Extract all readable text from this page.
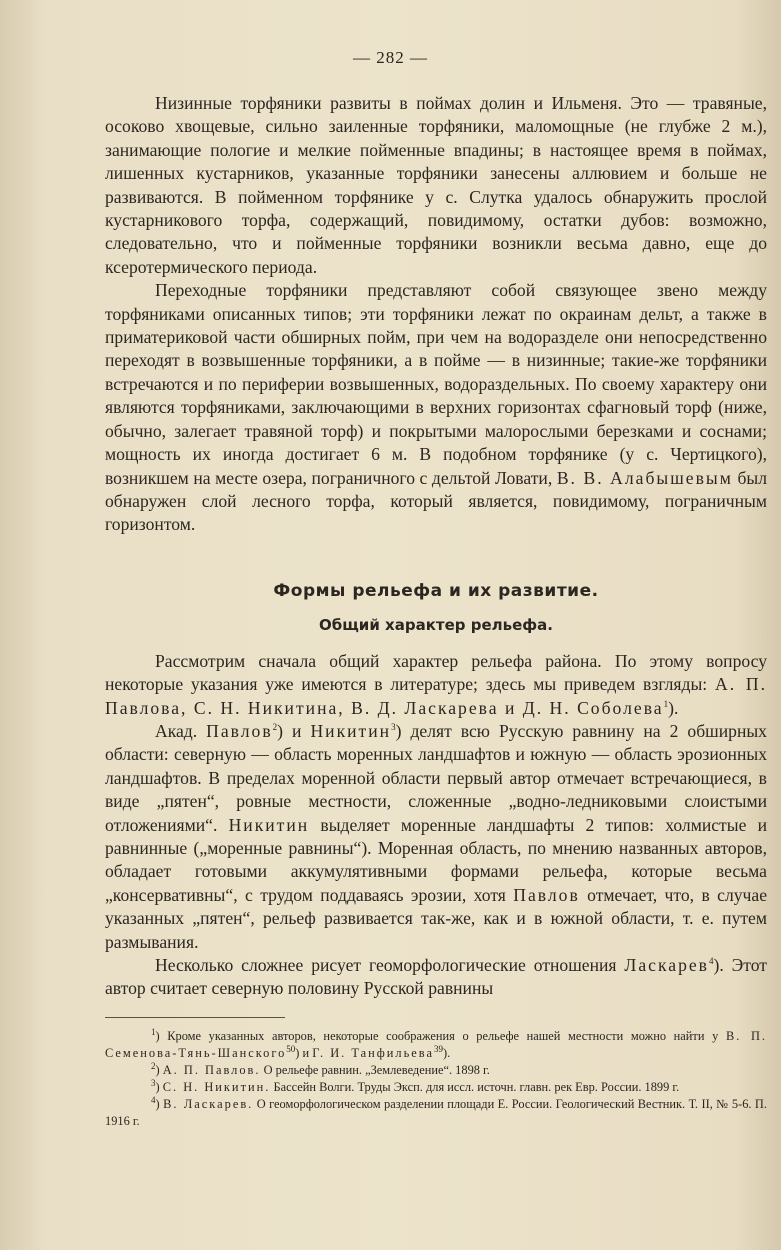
— 282 —

Низинные торфяники развиты в поймах долин и Ильменя. Это — травяные, осоково хвощевые, сильно заиленные торфяники, маломощные (не глубже 2 м.), занимающие пологие и мелкие пойменные впадины; в настоящее время в поймах, лишенных кустарников, указанные торфяники занесены аллювием и больше не развиваются. В пойменном торфянике у с. Слутка удалось обнаружить прослой кустарникового торфа, содержащий, повидимому, остатки дубов: возможно, следовательно, что и пойменные торфяники возникли весьма давно, еще до ксеротермического периода.

Переходные торфяники представляют собой связующее звено между торфяниками описанных типов; эти торфяники лежат по окраинам дельт, а также в приматериковой части обширных пойм, при чем на водоразделе они непосредственно переходят в возвышенные торфяники, а в пойме — в низинные; такие-же торфяники встречаются и по периферии возвышенных, водораздельных. По своему характеру они являются торфяниками, заключающими в верхних горизонтах сфагновый торф (ниже, обычно, залегает травяной торф) и покрытыми малорослыми березками и соснами; мощность их иногда достигает 6 м. В подобном торфянике (у с. Чертицкого), возникшем на месте озера, пограничного с дельтой Ловати, В. В. Алабышевым был обнаружен слой лесного торфа, который является, повидимому, пограничным горизонтом.

Формы рельефа и их развитие.
Общий характер рельефа.

Рассмотрим сначала общий характер рельефа района. По этому вопросу некоторые указания уже имеются в литературе; здесь мы приведем взгляды: А. П. Павлова, С. Н. Никитина, В. Д. Ласкарева и Д. Н. Соболева$^1$).

Акад. Павлов$^2$) и Никитин$^3$) делят всю Русскую равнину на 2 обширных области: северную — область моренных ландшафтов и южную — область эрозионных ландшафтов. В пределах моренной области первый автор отмечает встречающиеся, в виде „пятен“, ровные местности, сложенные „водно-ледниковыми слоистыми отложениями“. Никитин выделяет моренные ландшафты 2 типов: холмистые и равнинные („моренные равнины“). Моренная область, по мнению названных авторов, обладает готовыми аккумулятивными формами рельефа, которые весьма „консервативны“, с трудом поддаваясь эрозии, хотя Павлов отмечает, что, в случае указанных „пятен“, рельеф развивается так-же, как и в южной области, т. е. путем размывания.

Несколько сложнее рисует геоморфологические отношения Ласкарев$^4$). Этот автор считает северную половину Русской равнины

$^1$) Кроме указанных авторов, некоторые соображения о рельефе нашей местности можно найти у В. П. Семенова-Тянь-Шанского$^{50}$) и Г. И. Танфильева$^{39}$).

$^2$) А. П. Павлов. О рельефе равнин. „Землеведение“. 1898 г.

$^3$) С. Н. Никитин. Бассейн Волги. Труды Эксп. для иссл. источн. главн. рек Евр. России. 1899 г.

$^4$) В. Ласкарев. О геоморфологическом разделении площади Е. России. Геологический Вестник. Т. II, № 5-6. П. 1916 г.
